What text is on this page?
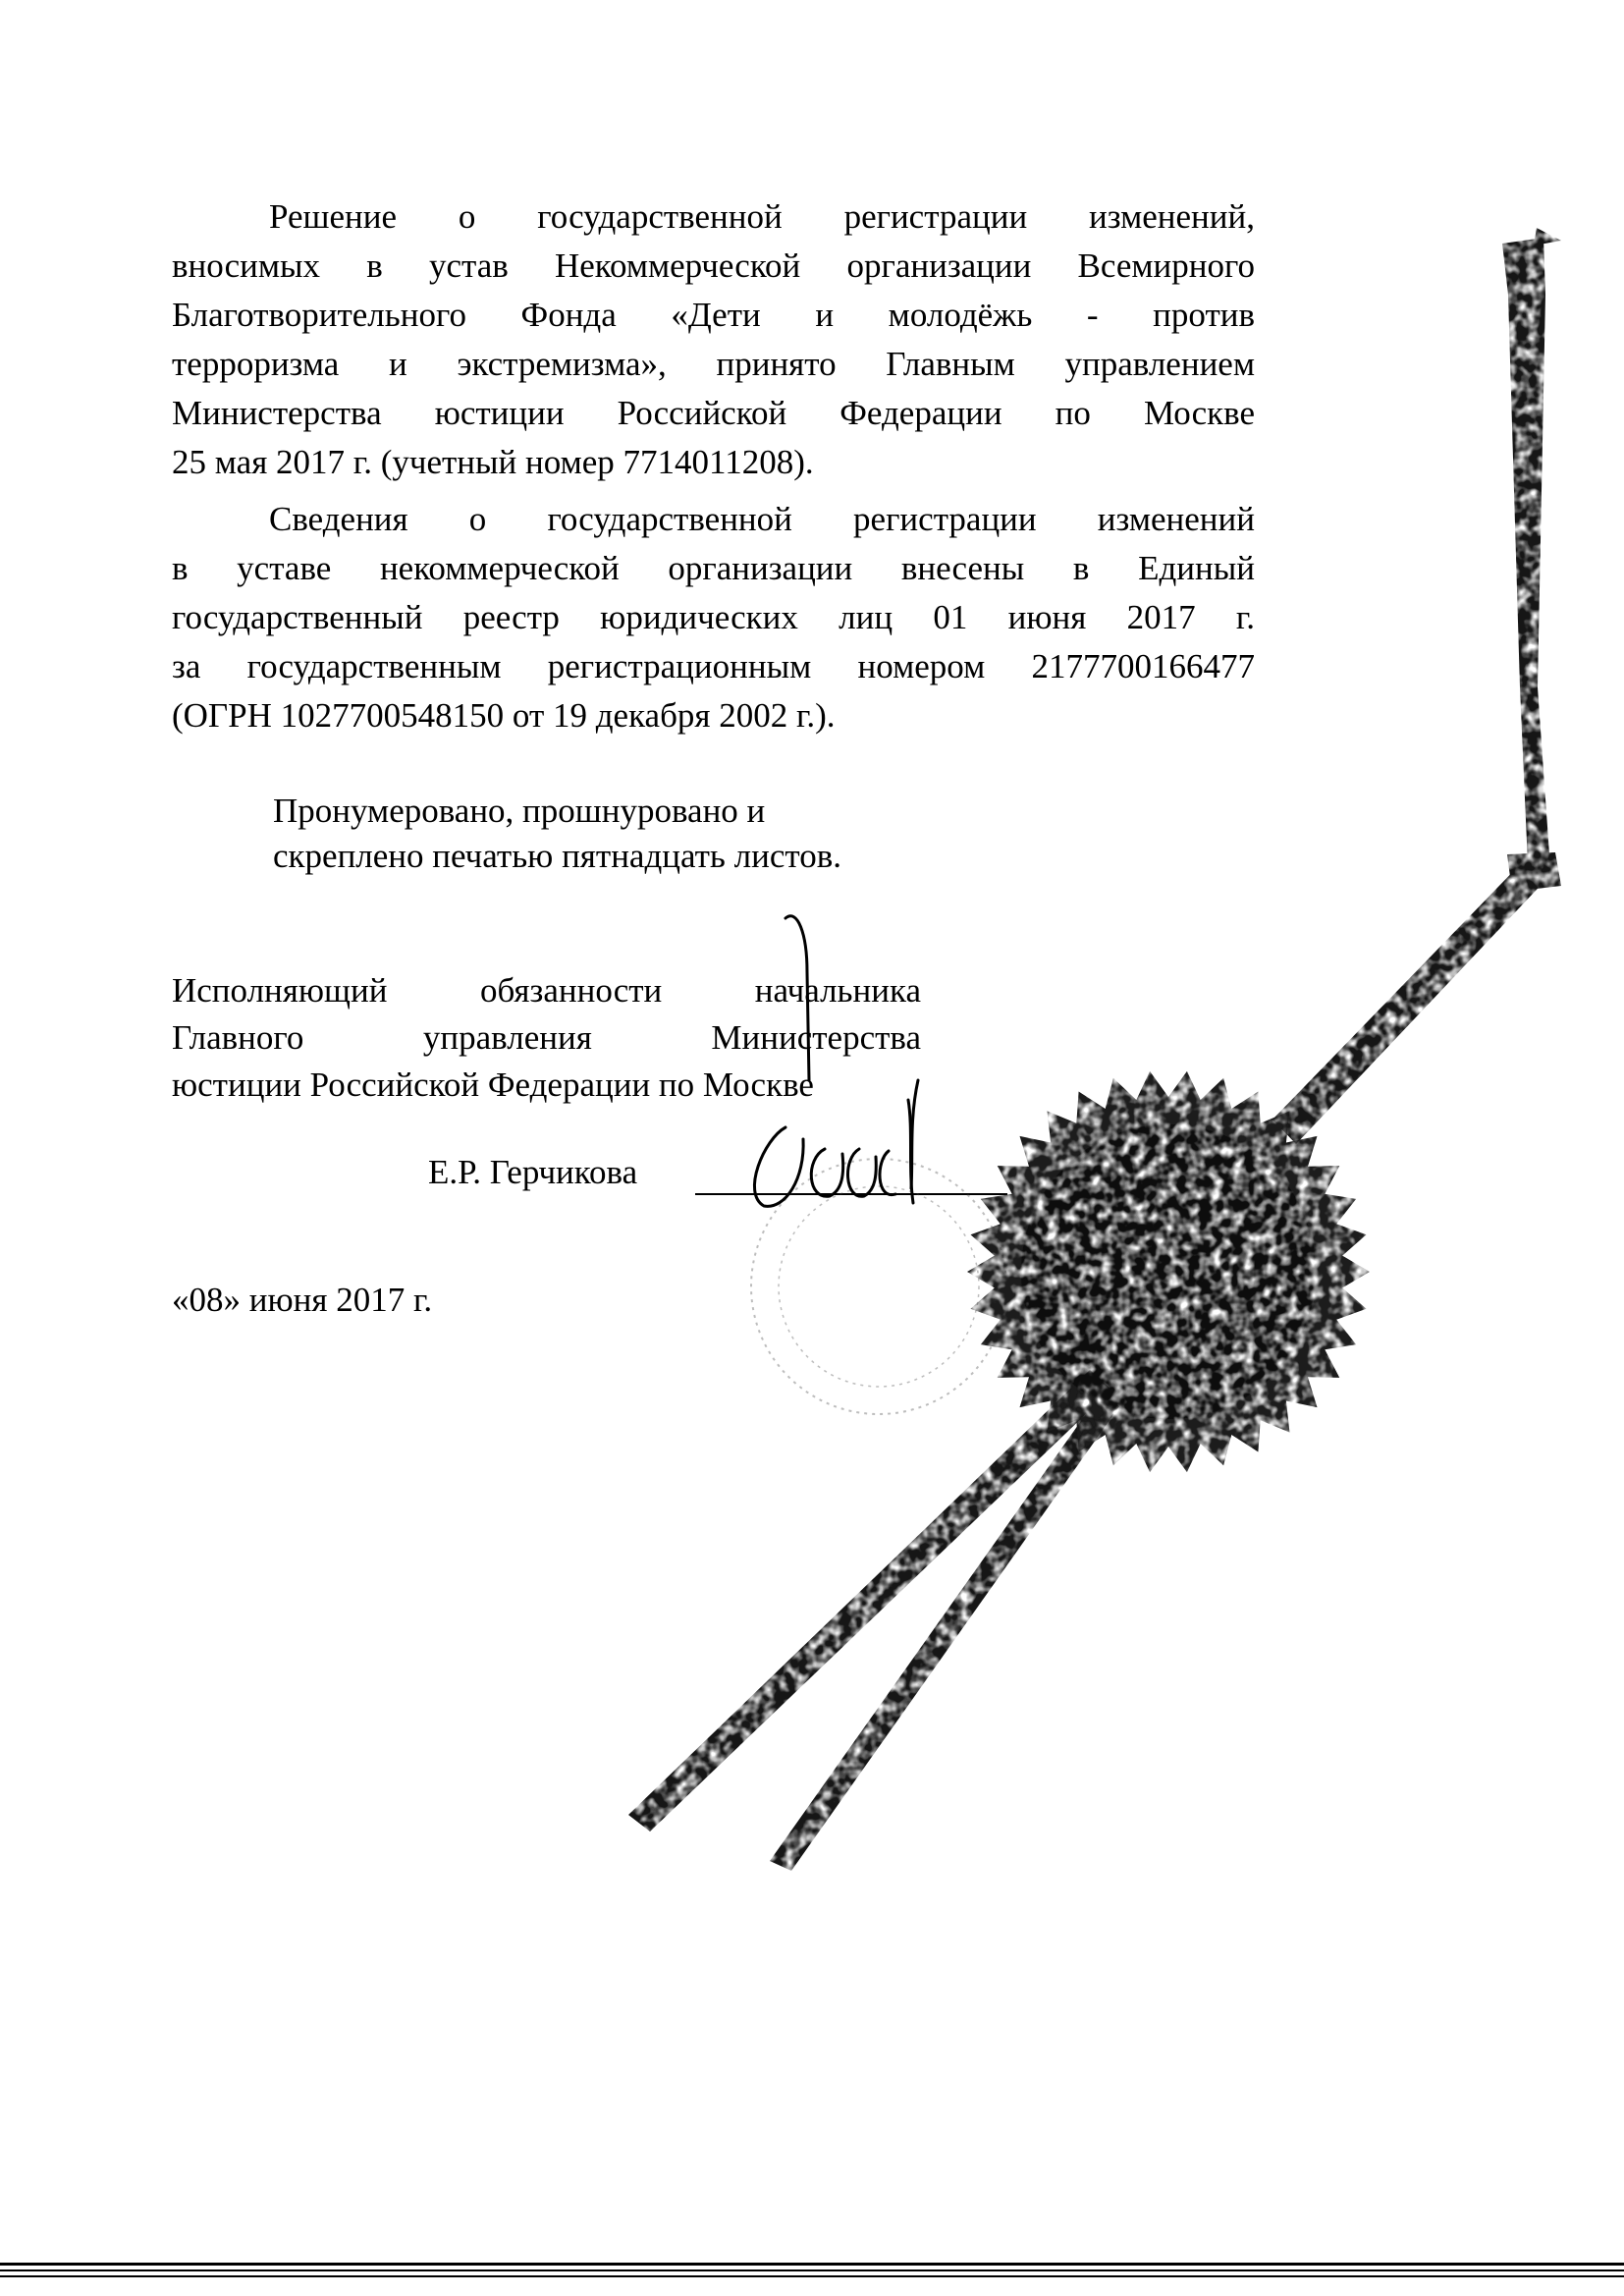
Решение о государственной регистрации изменений,
вносимых в устав Некоммерческой организации Всемирного
Благотворительного Фонда «Дети и молодёжь - против
терроризма и экстремизма», принято Главным управлением
Министерства юстиции Российской Федерации по Москве
25 мая 2017 г. (учетный номер 7714011208).

Сведения о государственной регистрации изменений
в уставе некоммерческой организации внесены в Единый
государственный реестр юридических лиц 01 июня 2017 г.
за государственным регистрационным номером 2177700166477
(ОГРН 1027700548150 от 19 декабря 2002 г.).

Пронумеровано, прошнуровано и
скреплено печатью пятнадцать листов.

Исполняющий обязанности начальника
Главного управления Министерства
юстиции Российской Федерации по Москве
Е.Р. Герчикова
«08» июня 2017 г.
